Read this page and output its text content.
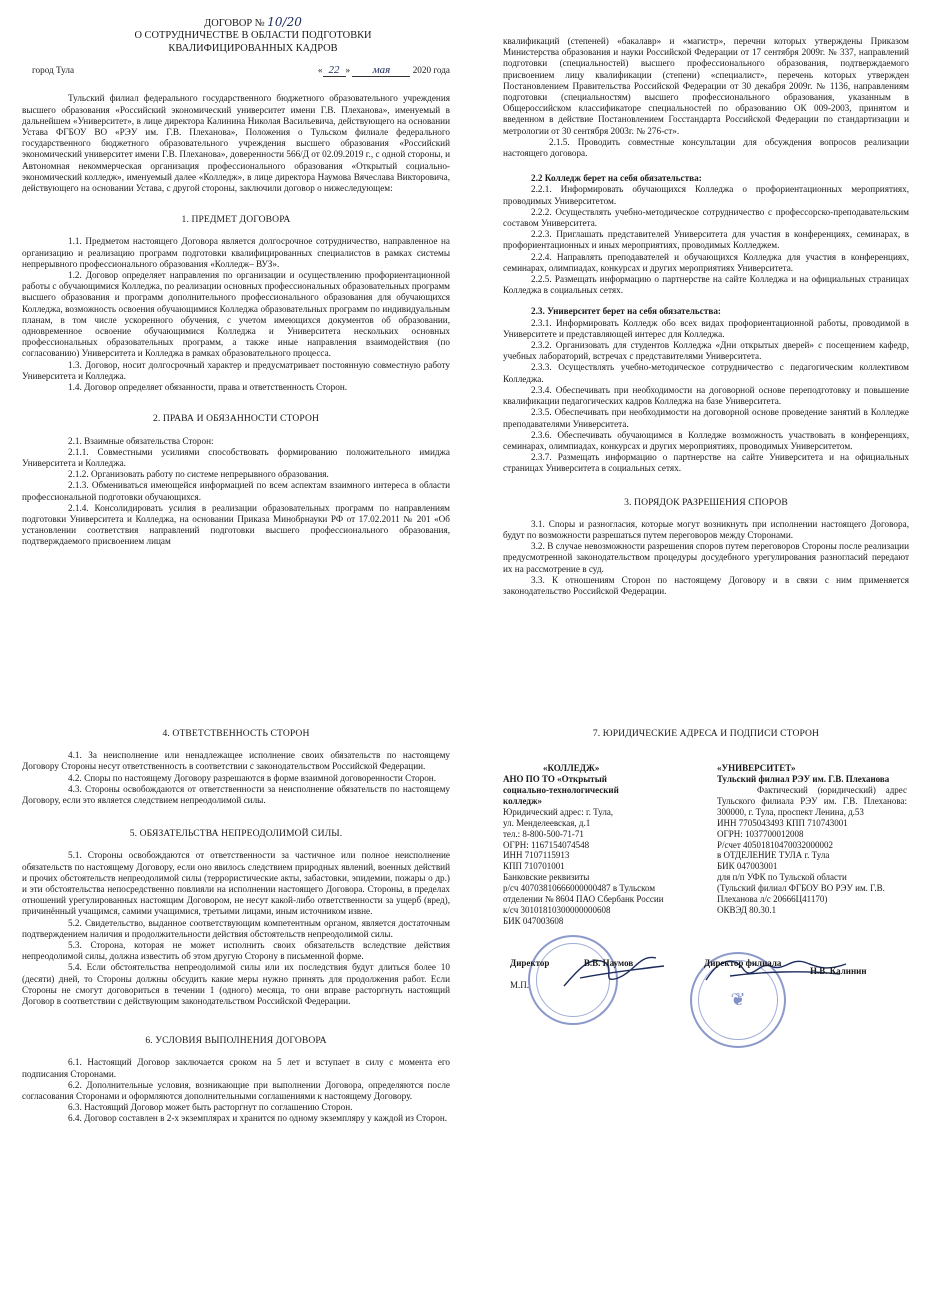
ДОГОВОР № 10/20
О СОТРУДНИЧЕСТВЕ В ОБЛАСТИ ПОДГОТОВКИ
КВАЛИФИЦИРОВАННЫХ КАДРОВ
город Тула	« 22 » мая 2020 года

Тульский филиал федерального государственного бюджетного образовательного учреждения высшего образования «Российский экономический университет имени Г.В. Плеханова», именуемый в дальнейшем «Университет», в лице директора Калинина Николая Васильевича, действующего на основании Устава ФГБОУ ВО «РЭУ им. Г.В. Плеханова», Положения о Тульском филиале федерального государственного бюджетного образовательного учреждения высшего образования «Российский экономический университет имени Г.В. Плеханова», доверенности 566/Д от 02.09.2019 г., с одной стороны, и Автономная некоммерческая организация профессионального образования «Открытый социально-экономический колледж», именуемый далее «Колледж», в лице директора Наумова Вячеслава Викторовича, действующего на основании Устава, с другой стороны, заключили договор о нижеследующем:

1. ПРЕДМЕТ ДОГОВОРА

1.1. Предметом настоящего Договора является долгосрочное сотрудничество, направленное на организацию и реализацию программ подготовки квалифицированных специалистов в рамках системы непрерывного профессионального образования «Колледж– ВУЗ».

1.2. Договор определяет направления по организации и осуществлению профориентационной работы с обучающимися Колледжа, по реализации основных профессиональных образовательных программ высшего образования и программ дополнительного профессионального образования для обучающихся Колледжа, возможность освоения обучающимися Колледжа образовательных программ по индивидуальным планам, в том числе ускоренного обучения, с учетом имеющихся документов об образовании, одновременное освоение обучающимися Колледжа и Университета нескольких основных профессиональных образовательных программ, а также иные направления взаимодействия (по согласованию) Университета и Колледжа в рамках образовательного процесса.

1.3. Договор, носит долгосрочный характер и предусматривает постоянную совместную работу Университета и Колледжа.

1.4. Договор определяет обязанности, права и ответственность Сторон.

2. ПРАВА И ОБЯЗАННОСТИ СТОРОН

2.1. Взаимные обязательства Сторон:

2.1.1. Совместными усилиями способствовать формированию положительного имиджа Университета и Колледжа.

2.1.2. Организовать работу по системе непрерывного образования.

2.1.3. Обмениваться имеющейся информацией по всем аспектам взаимного интереса в области профессиональной подготовки обучающихся.

2.1.4. Консолидировать усилия в реализации образовательных программ по направлениям подготовки Университета и Колледжа, на основании Приказа Минобрнауки РФ от 17.02.2011 № 201 «Об установлении соответствия направлений подготовки высшего профессионального образования, подтверждаемого присвоением лицам

квалификаций (степеней) «бакалавр» и «магистр», перечни которых утверждены Приказом Министерства образования и науки Российской Федерации от 17 сентября 2009г. № 337, направлений подготовки (специальностей) высшего профессионального образования, подтверждаемого присвоением лицу квалификации (степени) «специалист», перечень которых утвержден Постановлением Правительства Российской Федерации от 30 декабря 2009г. № 1136, направлениям подготовки (специальностям) высшего профессионального образования, указанным в Общероссийском классификаторе специальностей по образованию ОК 009-2003, принятом и введенном в действие Постановлением Госстандарта Российской Федерации по стандартизации и метрологии от 30 сентября 2003г. № 276-ст».

2.1.5. Проводить совместные консультации для обсуждения вопросов реализации настоящего договора.

2.2 Колледж берет на себя обязательства:

2.2.1. Информировать обучающихся Колледжа о профориентационных мероприятиях, проводимых Университетом.

2.2.2. Осуществлять учебно-методическое сотрудничество с профессорско-преподавательским составом Университета.

2.2.3. Приглашать представителей Университета для участия в конференциях, семинарах, в профориентационных и иных мероприятиях, проводимых Колледжем.

2.2.4. Направлять преподавателей и обучающихся Колледжа для участия в конференциях, семинарах, олимпиадах, конкурсах и других мероприятиях Университета.

2.2.5. Размещать информацию о партнерстве на сайте Колледжа и на официальных страницах Колледжа в социальных сетях.

2.3. Университет берет на себя обязательства:

2.3.1. Информировать Колледж обо всех видах профориентационной работы, проводимой в Университете и представляющей интерес для Колледжа.

2.3.2. Организовать для студентов Колледжа «Дни открытых дверей» с посещением кафедр, учебных лабораторий, встречах с представителями Университета.

2.3.3. Осуществлять учебно-методическое сотрудничество с педагогическим коллективом Колледжа.

2.3.4. Обеспечивать при необходимости на договорной основе переподготовку и повышение квалификации педагогических кадров Колледжа на базе Университета.

2.3.5. Обеспечивать при необходимости на договорной основе проведение занятий в Колледже преподавателями Университета.

2.3.6. Обеспечивать обучающимся в Колледже возможность участвовать в конференциях, семинарах, олимпиадах, конкурсах и других мероприятиях, проводимых Университетом.

2.3.7. Размещать информацию о партнерстве на сайте Университета и на официальных страницах Университета в социальных сетях.

3. ПОРЯДОК РАЗРЕШЕНИЯ СПОРОВ

3.1. Споры и разногласия, которые могут возникнуть при исполнении настоящего Договора, будут по возможности разрешаться путем переговоров между Сторонами.

3.2. В случае невозможности разрешения споров путем переговоров Стороны после реализации предусмотренной законодательством процедуры досудебного урегулирования разногласий передают их на рассмотрение в суд.

3.3. К отношениям Сторон по настоящему Договору и в связи с ним применяется законодательство Российской Федерации.

4. ОТВЕТСТВЕННОСТЬ СТОРОН

4.1. За неисполнение или ненадлежащее исполнение своих обязательств по настоящему Договору Стороны несут ответственность в соответствии с законодательством Российской Федерации.

4.2. Споры по настоящему Договору разрешаются в форме взаимной договоренности Сторон.

4.3. Стороны освобождаются от ответственности за неисполнение обязательств по настоящему Договору, если это является следствием непреодолимой силы.

5. ОБЯЗАТЕЛЬСТВА НЕПРЕОДОЛИМОЙ СИЛЫ.

5.1. Стороны освобождаются от ответственности за частичное или полное неисполнение обязательств по настоящему Договору, если оно явилось следствием природных явлений, военных действий и прочих обстоятельств непреодолимой силы (террористические акты, забастовки, эпидемии, пожары о др.) и эти обстоятельства непосредственно повлияли на исполнении настоящего Договора. Стороны, в пределах отношений урегулированных настоящим Договором, не несут какой-либо ответственности за ущерб (вред), причинённый учащимся, самими учащимися, третьими лицами, иным источником извне.

5.2. Свидетельство, выданное соответствующим компетентным органом, является достаточным подтверждением наличия и продолжительности действия обстоятельств непреодолимой силы.

5.3. Сторона, которая не может исполнить своих обязательств вследствие действия непреодолимой силы, должна известить об этом другую Сторону в письменной форме.

5.4. Если обстоятельства непреодолимой силы или их последствия будут длиться более 10 (десяти) дней, то Стороны должны обсудить какие меры нужно принять для продолжения работ. Если Стороны не смогут договориться в течении 1 (одного) месяца, то они вправе расторгнуть настоящий Договор в соответствии с действующим законодательством Российской Федерации.

6. УСЛОВИЯ ВЫПОЛНЕНИЯ ДОГОВОРА

6.1. Настоящий Договор заключается сроком на 5 лет и вступает в силу с момента его подписания Сторонами.

6.2. Дополнительные условия, возникающие при выполнении Договора, определяются после согласования Сторонами и оформляются дополнительными соглашениями к настоящему Договору.

6.3. Настоящий Договор может быть расторгнут по соглашению Сторон.

6.4. Договор составлен в 2-х экземплярах и хранится по одному экземпляру у каждой из Сторон.

7. ЮРИДИЧЕСКИЕ АДРЕСА И ПОДПИСИ СТОРОН

«КОЛЛЕДЖ»

АНО ПО ТО «Открытый социально-технологический колледж»

Юридический адрес: г. Тула,

ул. Менделеевская, д.1

тел.: 8-800-500-71-71

ОГРН: 1167154074548

ИНН 7107115913

КПП 710701001

Банковские реквизиты

р/сч 40703810666000000487 в Тульском отделении № 8604 ПАО Сбербанк России

к/сч 30101810300000000608

БИК 047003608

«УНИВЕРСИТЕТ»

Тульский филиал РЭУ им. Г.В. Плеханова

Фактический (юридический) адрес Тульского филиала РЭУ им. Г.В. Плеханова: 300000, г. Тула, проспект Ленина, д.53

ИНН 7705043493 КПП 710743001

ОГРН: 1037700012008

Р/счет 40501810470032000002

в ОТДЕЛЕНИЕ ТУЛА г. Тула

БИК 047003001

для п/п УФК по Тульской области

(Тульский филиал ФГБОУ ВО РЭУ им. Г.В. Плеханова л/с 20666Ц41170)

ОКВЭД 80.30.1

Директор	В.В. Наумов
М.П.
❦
Директор филиала
Н.В. Калинин
